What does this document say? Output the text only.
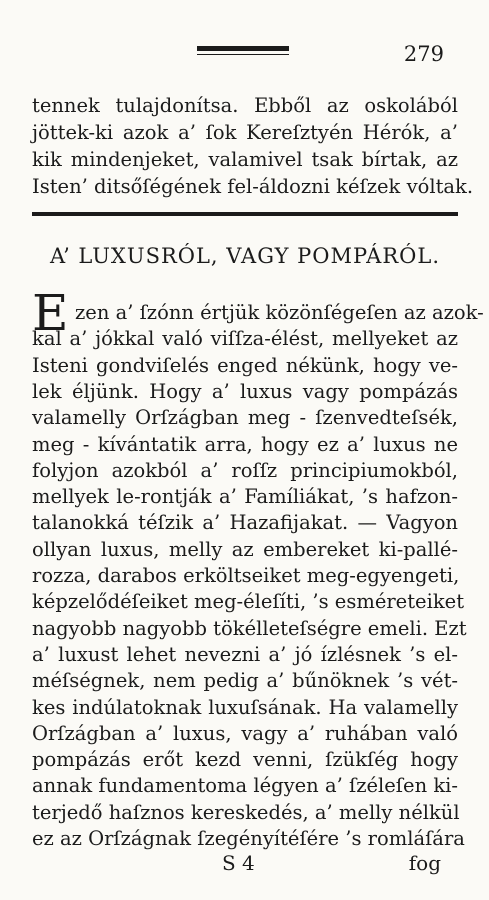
279
tennek tulajdonítsa. Ebből az oskolából
jöttek-ki azok a’ ſok Kereſztyén Hérók, a’
kik mindenjeket, valamivel tsak bírtak, az
Isten’ ditsőſégének fel-áldozni kéſzek vóltak.
A’ LUXUSRÓL, VAGY POMPÁRÓL.
E zen a’ ſzónn értjük közönſégeſen az azok-
kal a’ jókkal való viſſza-élést, mellyeket az
Isteni gondviſelés enged nékünk, hogy ve-
lek éljünk. Hogy a’ luxus vagy pompázás
valamelly Orſzágban meg - ſzenvedteſsék,
meg - kívántatik arra, hogy ez a’ luxus ne
folyjon azokból a’ roſſz principiumokból,
mellyek le-rontják a’ Famíliákat, ’s hafzon-
talanokká téſzik a’ Hazafijakat. — Vagyon
ollyan luxus, melly az embereket ki-pallé-
rozza, darabos erköltseiket meg-egyengeti,
képzelődéſeiket meg-éleſíti, ’s esméreteiket
nagyobb nagyobb tökélleteſségre emeli. Ezt
a’ luxust lehet nevezni a’ jó ízlésnek ’s el-
méſségnek, nem pedig a’ bűnöknek ’s vét-
kes indúlatoknak luxuſsának. Ha valamelly
Orſzágban a’ luxus, vagy a’ ruhában való
pompázás erőt kezd venni, ſzükſég hogy
annak fundamentoma légyen a’ ſzéleſen ki-
terjedő haſznos kereskedés, a’ melly nélkül
S 4	fog
ez az Orſzágnak ſzegényítéſére ’s romláſára
